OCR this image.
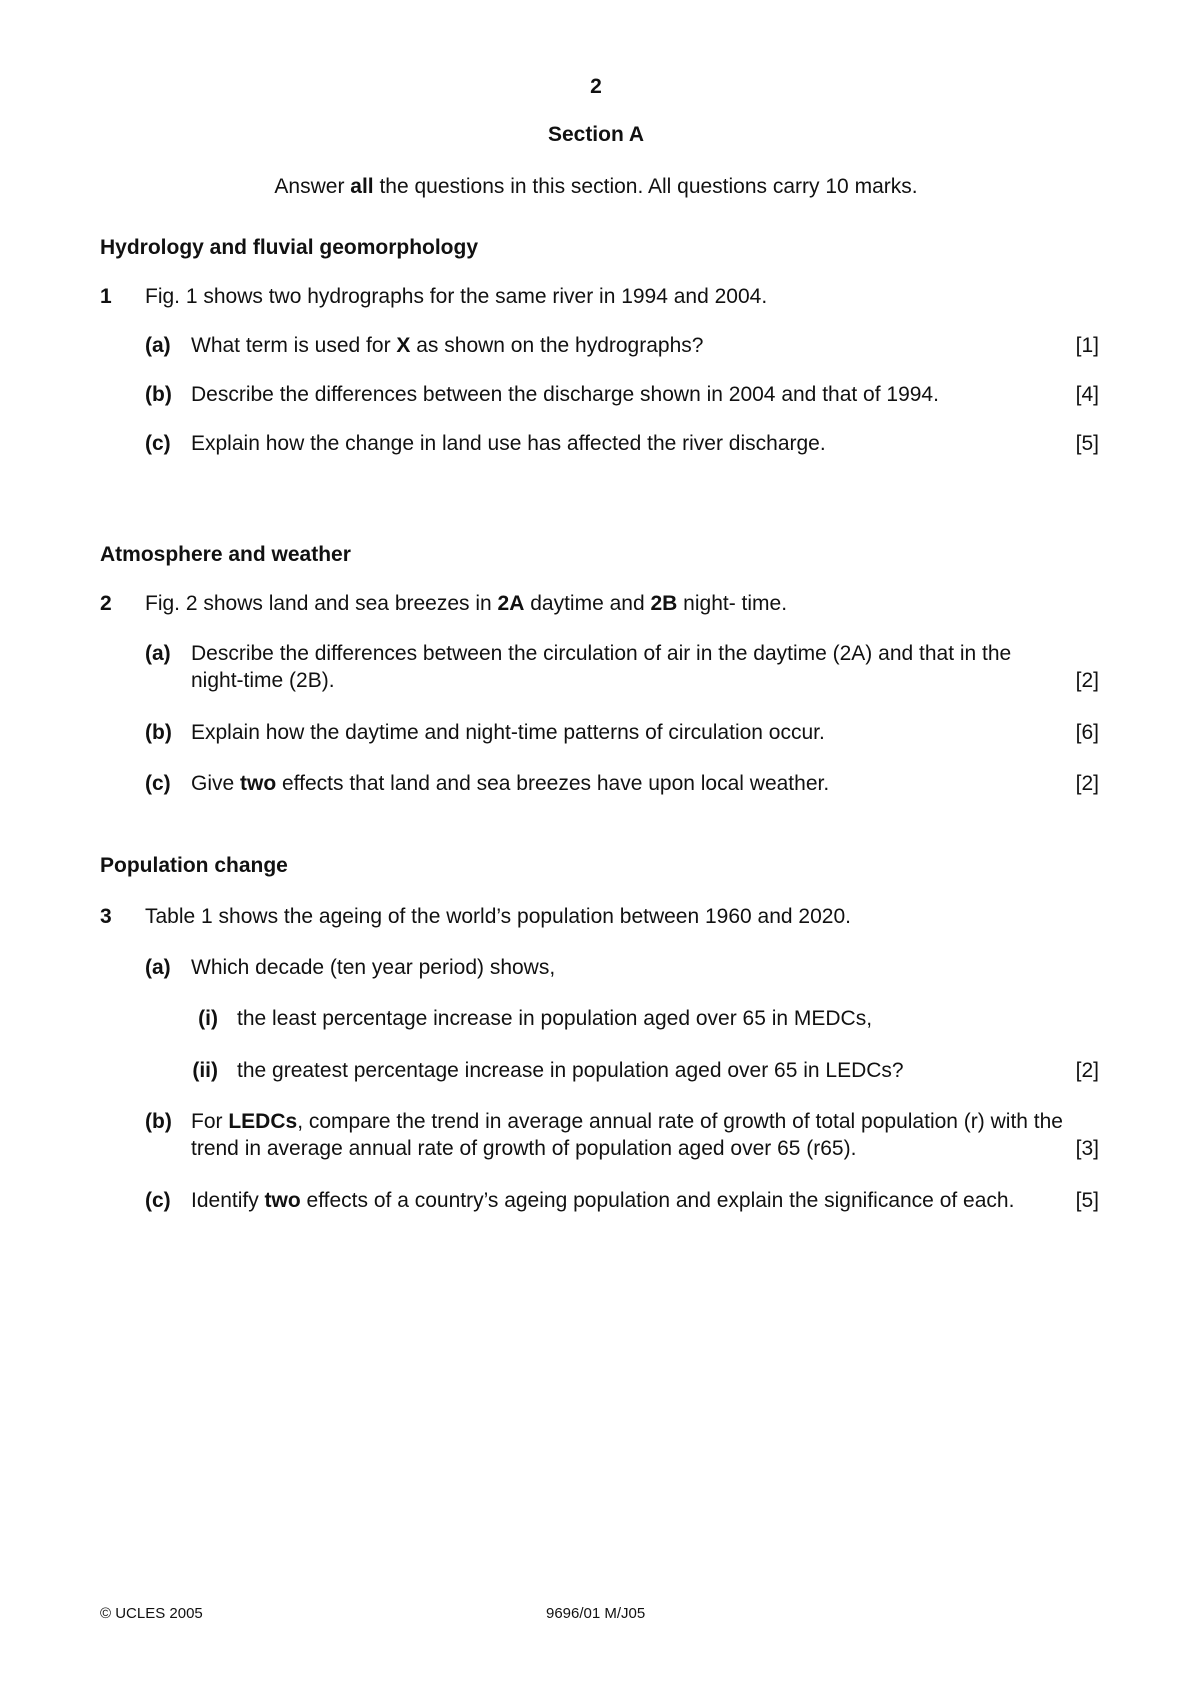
2
Section A
Answer all the questions in this section. All questions carry 10 marks.
Hydrology and fluvial geomorphology
1 Fig. 1 shows two hydrographs for the same river in 1994 and 2004.
(a) What term is used for X as shown on the hydrographs?	[1]
(b) Describe the differences between the discharge shown in 2004 and that of 1994.	[4]
(c) Explain how the change in land use has affected the river discharge.	[5]
Atmosphere and weather
2 Fig. 2 shows land and sea breezes in 2A daytime and 2B night- time.
(a) Describe the differences between the circulation of air in the daytime (2A) and that in the
night-time (2B).	[2]
(b) Explain how the daytime and night-time patterns of circulation occur.	[6]
(c) Give two effects that land and sea breezes have upon local weather.	[2]
Population change
3 Table 1 shows the ageing of the world’s population between 1960 and 2020.
(a) Which decade (ten year period) shows,
(i) the least percentage increase in population aged over 65 in MEDCs,
(ii) the greatest percentage increase in population aged over 65 in LEDCs?	[2]
(b) For LEDCs, compare the trend in average annual rate of growth of total population (r) with the
trend in average annual rate of growth of population aged over 65 (r65).	[3]
(c) Identify two effects of a country’s ageing population and explain the significance of each.	[5]
© UCLES 2005	9696/01 M/J05
